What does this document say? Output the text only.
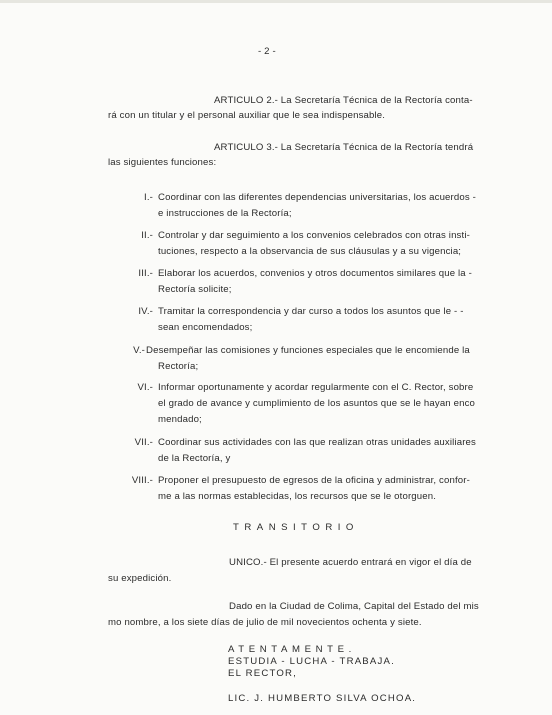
- 2 -
ARTICULO 2.- La Secretaría Técnica de la Rectoría conta-
rá con un titular y el personal auxiliar que le sea indispensable.
ARTICULO 3.- La Secretaría Técnica de la Rectoría tendrá
las siguientes funciones:
I.- Coordinar con las diferentes dependencias universitarias, los acuerdos -
e instrucciones de la Rectoría;
II.- Controlar y dar seguimiento a los convenios celebrados con otras insti-
tuciones, respecto a la observancia de sus cláusulas y a su vigencia;
III.- Elaborar los acuerdos, convenios y otros documentos similares que la -
Rectoría solicite;
IV.- Tramitar la correspondencia y dar curso a todos los asuntos que le - -
sean encomendados;
V.- Desempeñar las comisiones y funciones especiales que le encomiende la
Rectoría;
VI.- Informar oportunamente y acordar regularmente con el C. Rector, sobre
el grado de avance y cumplimiento de los asuntos que se le hayan enco
mendado;
VII.- Coordinar sus actividades con las que realizan otras unidades auxiliares
de la Rectoría, y
VIII.- Proponer el presupuesto de egresos de la oficina y administrar, confor-
me a las normas establecidas, los recursos que se le otorguen.
TRANSITORIO
UNICO.- El presente acuerdo entrará en vigor el día de
su expedición.
Dado en la Ciudad de Colima, Capital del Estado del mis
mo nombre, a los siete días de julio de mil novecientos ochenta y siete.
ATENTAMENTE.
ESTUDIA - LUCHA - TRABAJA.
EL RECTOR,
LIC. J. HUMBERTO SILVA OCHOA.
